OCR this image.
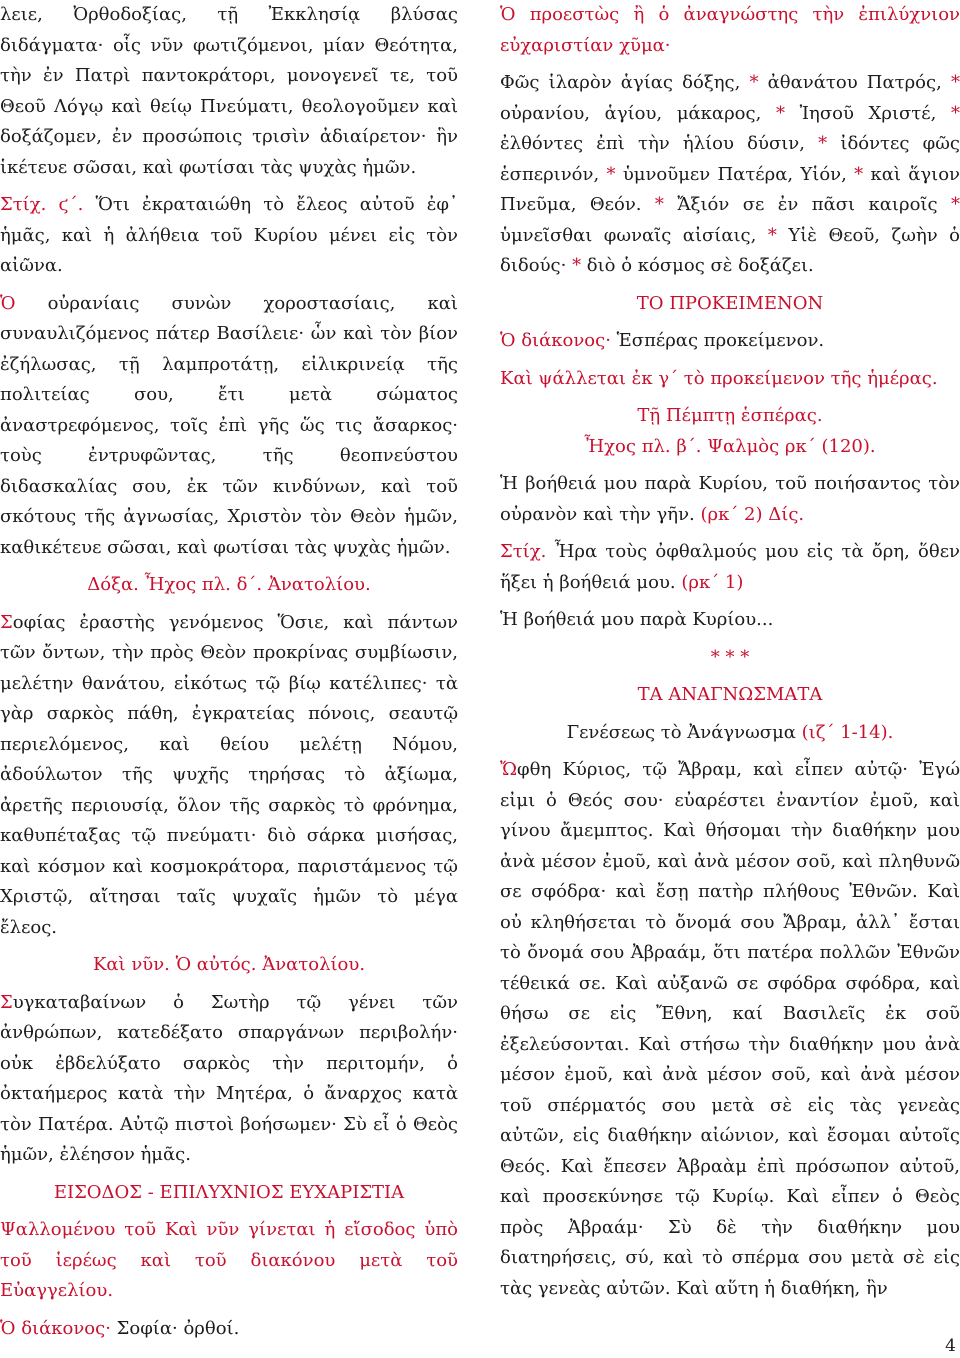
λειε, Ὀρθοδοξίας, τῇ Ἐκκλησίᾳ βλύσας διδάγματα· οἷς νῦν φωτιζόμενοι, μίαν Θεότητα, τὴν ἐν Πατρὶ παντοκράτορι, μονογενεῖ τε, τοῦ Θεοῦ Λόγῳ καὶ θείῳ Πνεύματι, θεολογοῦμεν καὶ δοξάζομεν, ἐν προσώποις τρισὶν ἀδιαίρετον· ἣν ἱκέτευε σῶσαι, καὶ φωτίσαι τὰς ψυχὰς ἡμῶν.

Στίχ. ϛ΄. Ὅτι ἐκραταιώθη τὸ ἔλεος αὐτοῦ ἐφ᾽ ἡμᾶς, καὶ ἡ ἀλήθεια τοῦ Κυρίου μένει εἰς τὸν αἰῶνα.

Ὁ οὐρανίαις συνὼν χοροστασίαις, καὶ συναυλιζόμενος πάτερ Βασίλειε· ὧν καὶ τὸν βίον ἐζήλωσας, τῇ λαμπροτάτῃ, εἰλικρινείᾳ τῆς πολιτείας σου, ἔτι μετὰ σώματος ἀναστρεφόμενος, τοῖς ἐπὶ γῆς ὥς τις ἄσαρκος· τοὺς ἐντρυφῶντας, τῆς θεοπνεύστου διδασκαλίας σου, ἐκ τῶν κινδύνων, καὶ τοῦ σκότους τῆς ἀγνωσίας, Χριστὸν τὸν Θεὸν ἡμῶν, καθικέτευε σῶσαι, καὶ φωτίσαι τὰς ψυχὰς ἡμῶν.

Δόξα. Ἦχος πλ. δ΄. Ἀνατολίου.

Σοφίας ἐραστὴς γενόμενος Ὅσιε, καὶ πάντων τῶν ὄντων, τὴν πρὸς Θεὸν προκρίνας συμβίωσιν, μελέτην θανάτου, εἰκότως τῷ βίῳ κατέλιπες· τὰ γὰρ σαρκὸς πάθη, ἐγκρατείας πόνοις, σεαυτῷ περιελόμενος, καὶ θείου μελέτῃ Νόμου, ἀδούλωτον τῆς ψυχῆς τηρήσας τὸ ἀξίωμα, ἀρετῆς περιουσίᾳ, ὅλον τῆς σαρκὸς τὸ φρόνημα, καθυπέταξας τῷ πνεύματι· διὸ σάρκα μισήσας, καὶ κόσμον καὶ κοσμοκράτορα, παριστάμενος τῷ Χριστῷ, αἴτησαι ταῖς ψυχαῖς ἡμῶν τὸ μέγα ἔλεος.

Καὶ νῦν. Ὁ αὐτός. Ἀνατολίου.

Συγκαταβαίνων ὁ Σωτὴρ τῷ γένει τῶν ἀνθρώπων, κατεδέξατο σπαργάνων περιβολήν· οὐκ ἐβδελύξατο σαρκὸς τὴν περιτομήν, ὁ ὀκταήμερος κατὰ τὴν Μητέρα, ὁ ἄναρχος κατὰ τὸν Πατέρα. Αὐτῷ πιστοὶ βοήσωμεν· Σὺ εἶ ὁ Θεὸς ἡμῶν, ἐλέησον ἡμᾶς.

ΕΙΣΟΔΟΣ - ΕΠΙΛΥΧΝΙΟΣ ΕΥΧΑΡΙΣΤΙΑ

Ψαλλομένου τοῦ Καὶ νῦν γίνεται ἡ εἴσοδος ὑπὸ τοῦ ἱερέως καὶ τοῦ διακόνου μετὰ τοῦ Εὐαγγελίου.

Ὁ διάκονος· Σοφία· ὀρθοί.

Ὁ προεστὼς ἢ ὁ ἀναγνώστης τὴν ἐπιλύχνιον εὐχαριστίαν χῦμα·

Φῶς ἱλαρὸν ἁγίας δόξης, * ἀθανάτου Πατρός, * οὐρανίου, ἁγίου, μάκαρος, * Ἰησοῦ Χριστέ, * ἐλθόντες ἐπὶ τὴν ἡλίου δύσιν, * ἰδόντες φῶς ἑσπερινόν, * ὑμνοῦμεν Πατέρα, Υἱόν, * καὶ ἅγιον Πνεῦμα, Θεόν. * Ἄξιόν σε ἐν πᾶσι καιροῖς * ὑμνεῖσθαι φωναῖς αἰσίαις, * Υἱὲ Θεοῦ, ζωὴν ὁ διδούς· * διὸ ὁ κόσμος σὲ δοξάζει.

ΤΟ ΠΡΟΚΕΙΜΕΝΟΝ

Ὁ διάκονος· Ἑσπέρας προκείμενον.

Καὶ ψάλλεται ἐκ γ΄ τὸ προκείμενον τῆς ἡμέρας.

Τῇ Πέμπτῃ ἑσπέρας.

Ἦχος πλ. β΄. Ψαλμὸς ρκ΄ (120).

Ἡ βοήθειά μου παρὰ Κυρίου, τοῦ ποιήσαντος τὸν οὐρανὸν καὶ τὴν γῆν. (ρκ΄ 2) Δίς.

Στίχ. Ἦρα τοὺς ὀφθαλμούς μου εἰς τὰ ὄρη, ὅθεν ἥξει ἡ βοήθειά μου. (ρκ΄ 1)

Ἡ βοήθειά μου παρὰ Κυρίου...

* * *

ΤΑ ΑΝΑΓΝΩΣΜΑΤΑ

Γενέσεως τὸ Ἀνάγνωσμα (ιζ΄ 1-14).

Ὤφθη Κύριος, τῷ Ἄβραμ, καὶ εἶπεν αὐτῷ· Ἐγώ εἰμι ὁ Θεός σου· εὐαρέστει ἐναντίον ἐμοῦ, καὶ γίνου ἄμεμπτος. Καὶ θήσομαι τὴν διαθήκην μου ἀνὰ μέσον ἐμοῦ, καὶ ἀνὰ μέσον σοῦ, καὶ πληθυνῶ σε σφόδρα· καὶ ἔσῃ πατὴρ πλήθους Ἐθνῶν. Καὶ οὐ κληθήσεται τὸ ὄνομά σου Ἄβραμ, ἀλλ᾽ ἔσται τὸ ὄνομά σου Ἀβραάμ, ὅτι πατέρα πολλῶν Ἐθνῶν τέθεικά σε. Καὶ αὐξανῶ σε σφόδρα σφόδρα, καὶ θήσω σε εἰς Ἔθνη, καί Βασιλεῖς ἐκ σοῦ ἐξελεύσονται. Καὶ στήσω τὴν διαθήκην μου ἀνὰ μέσον ἐμοῦ, καὶ ἀνὰ μέσον σοῦ, καὶ ἀνὰ μέσον τοῦ σπέρματός σου μετὰ σὲ εἰς τὰς γενεὰς αὐτῶν, εἰς διαθήκην αἰώνιον, καὶ ἔσομαι αὐτοῖς Θεός. Καὶ ἔπεσεν Ἀβραὰμ ἐπὶ πρόσωπον αὐτοῦ, καὶ προσεκύνησε τῷ Κυρίῳ. Καὶ εἶπεν ὁ Θεὸς πρὸς Ἀβραάμ· Σὺ δὲ τὴν διαθήκην μου διατηρήσεις, σύ, καὶ τὸ σπέρμα σου μετὰ σὲ εἰς τὰς γενεὰς αὐτῶν. Καὶ αὕτη ἡ διαθήκη, ἣν

4
